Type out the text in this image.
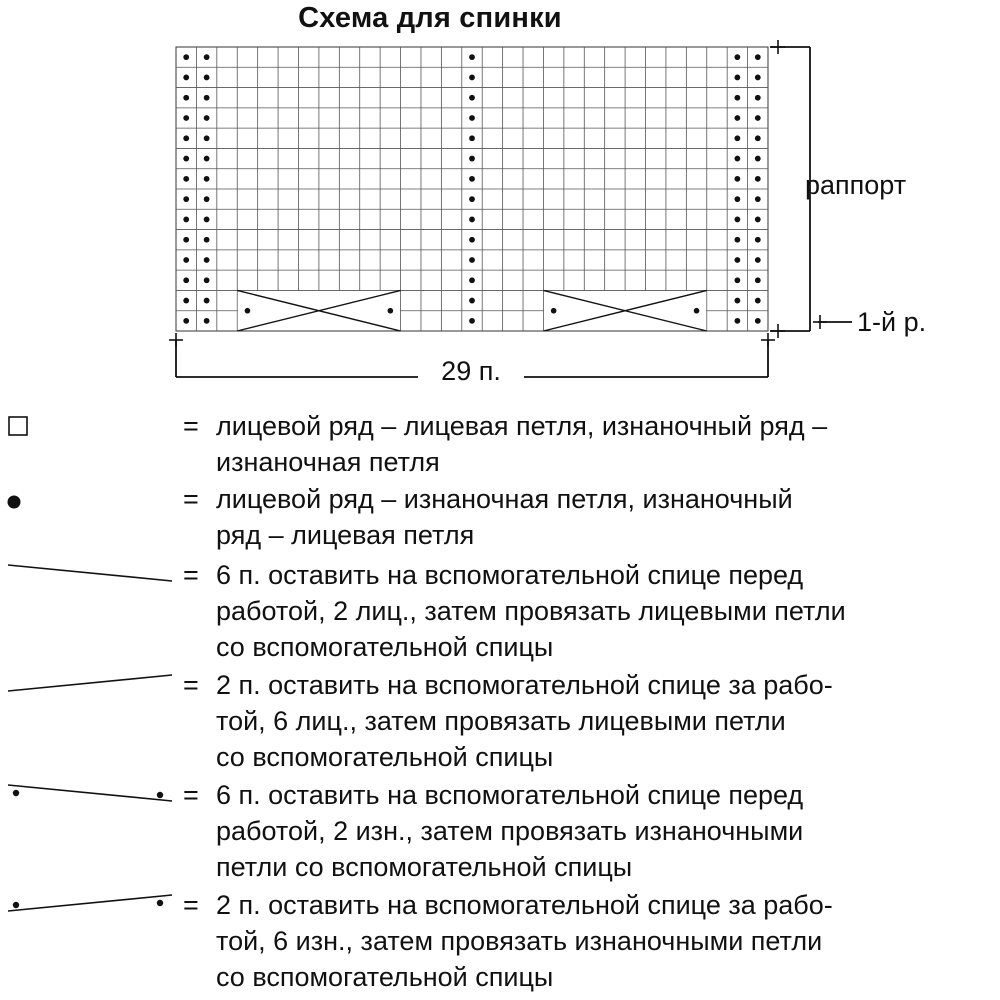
Схема для спинки
раппорт
1-й р.
29 п.
= лицевой ряд – лицевая петля, изнаночный ряд –
изнаночная петля
= лицевой ряд – изнаночная петля, изнаночный
ряд – лицевая петля
= 6 п. оставить на вспомогательной спице перед
работой, 2 лиц., затем провязать лицевыми петли
со вспомогательной спицы
= 2 п. оставить на вспомогательной спице за рабо-
той, 6 лиц., затем провязать лицевыми петли
со вспомогательной спицы
= 6 п. оставить на вспомогательной спице перед
работой, 2 изн., затем провязать изнаночными
петли со вспомогательной спицы
= 2 п. оставить на вспомогательной спице за рабо-
той, 6 изн., затем провязать изнаночными петли
со вспомогательной спицы
